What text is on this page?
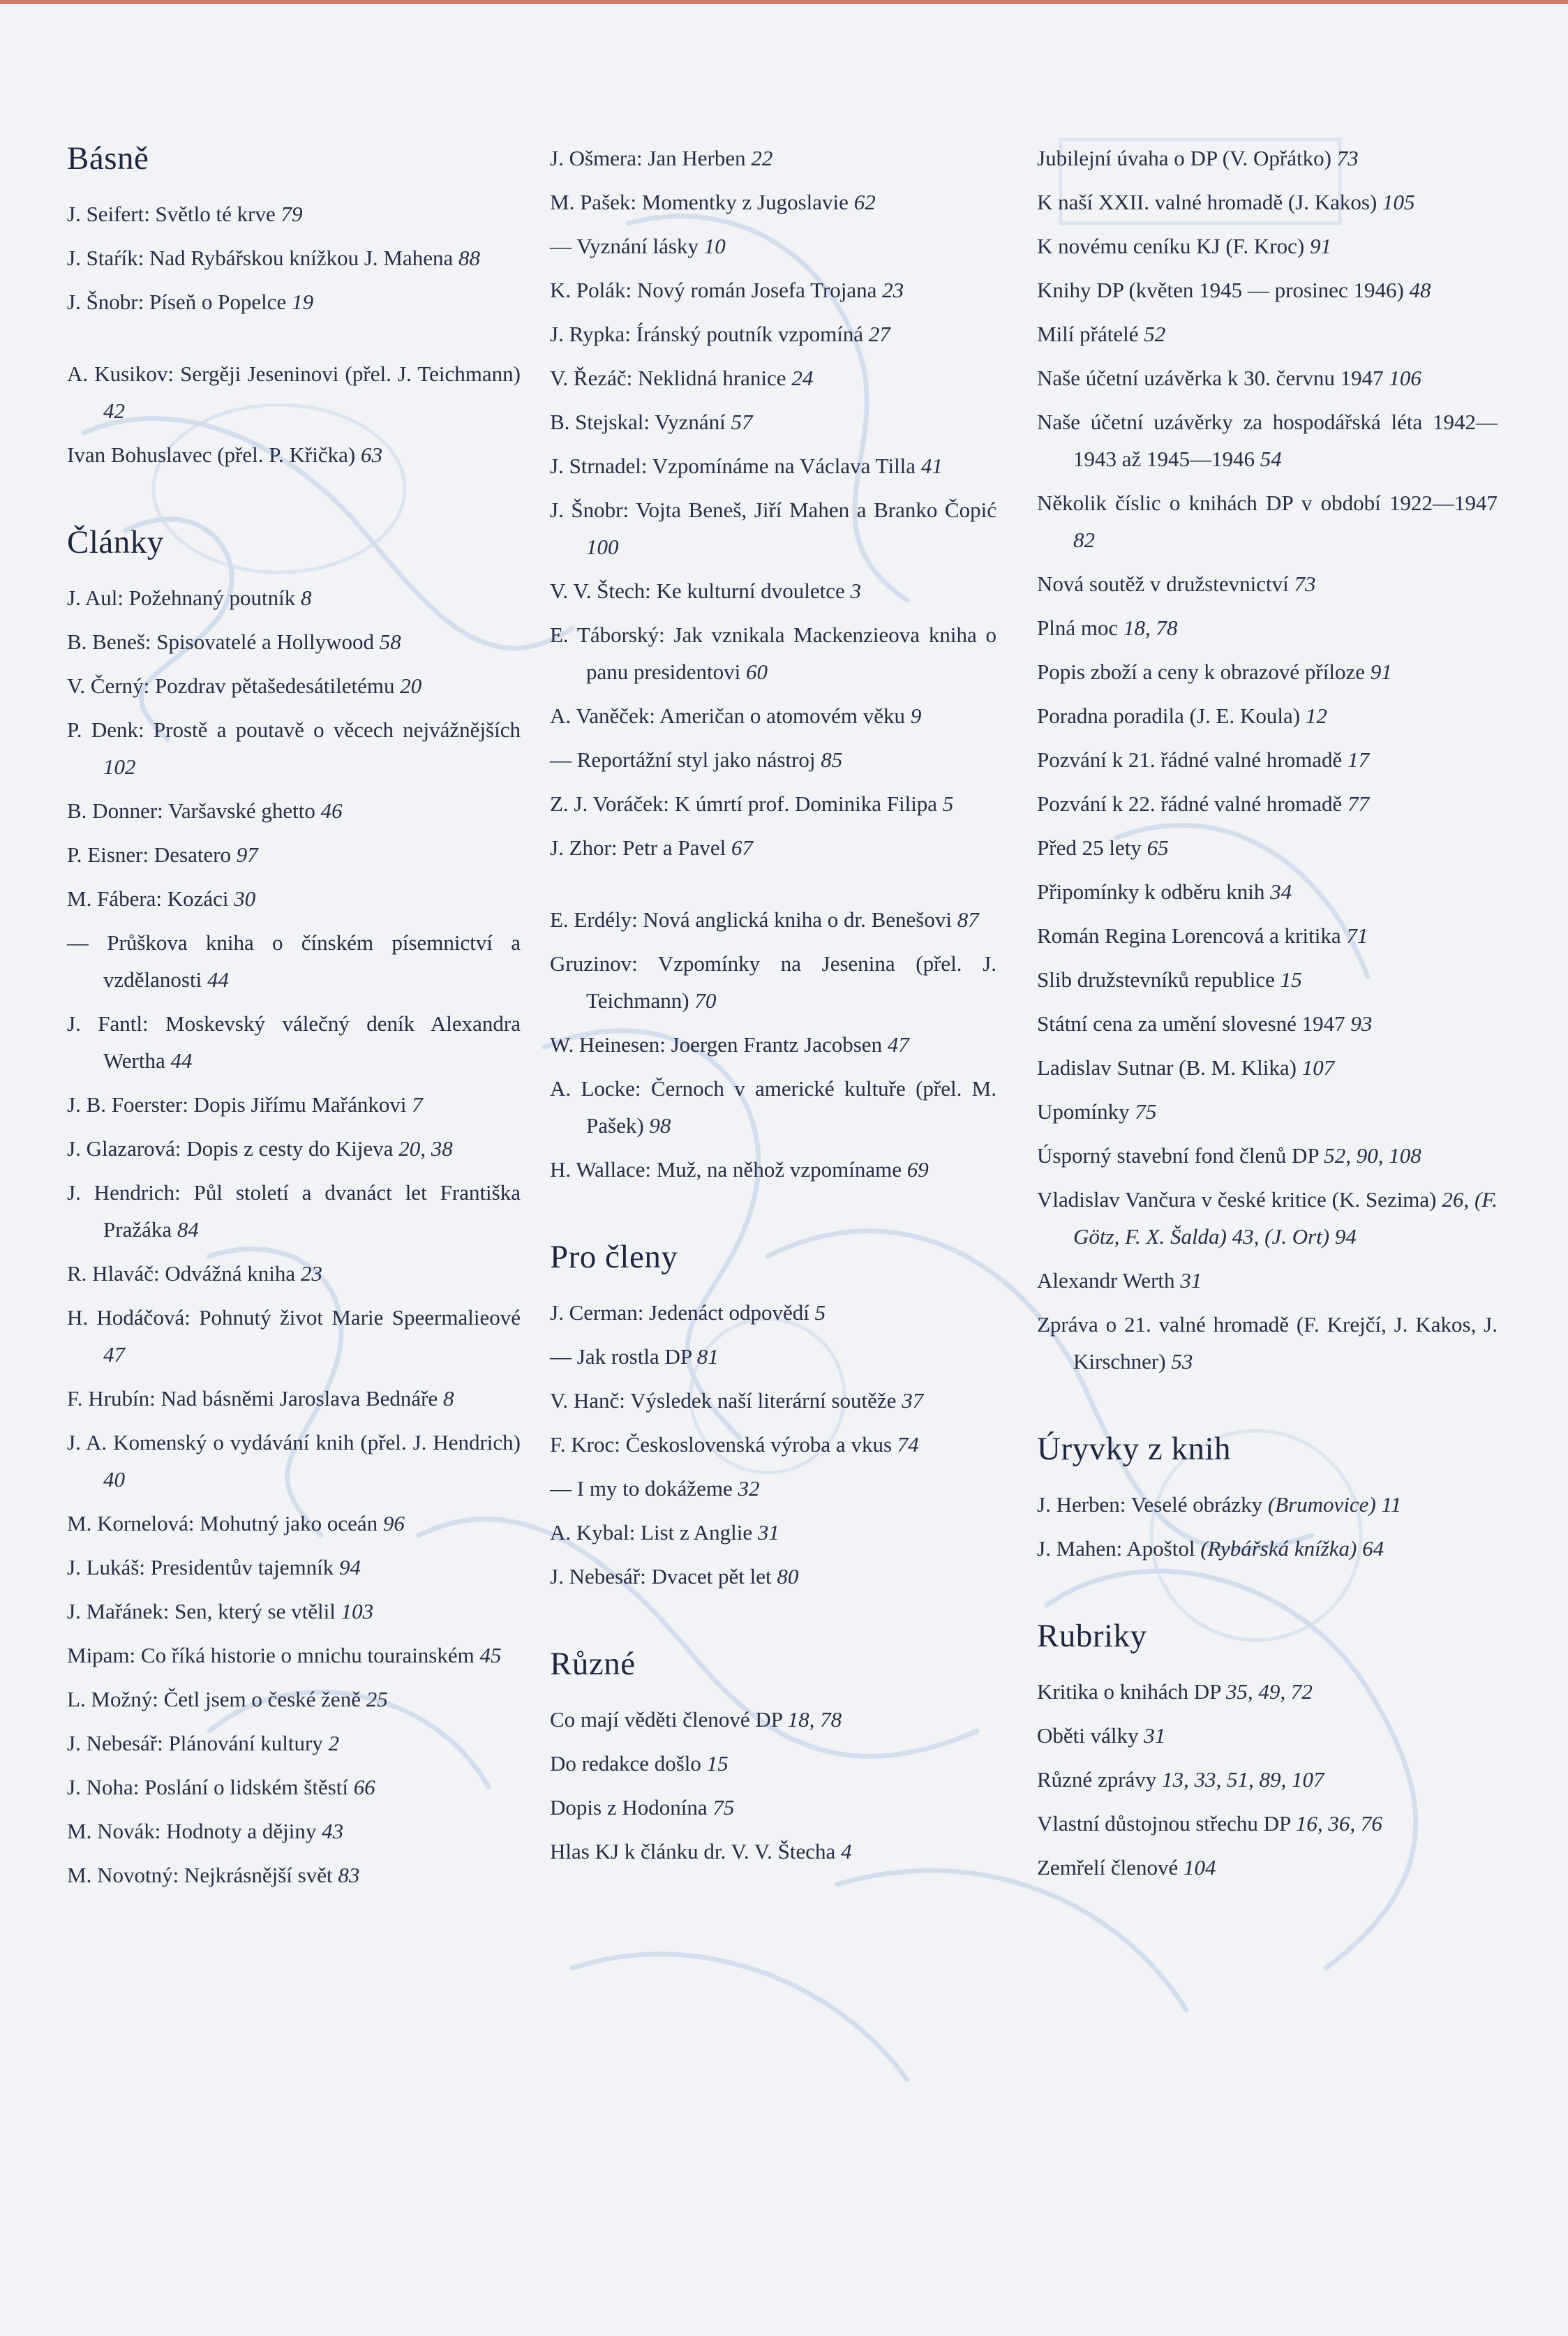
Básně
J. Seifert: Světlo té krve 79
J. Staŕík: Nad Rybářskou knížkou J. Mahena 88
J. Šnobr: Píseň o Popelce 19
A. Kusikov: Sergěji Jeseninovi (přel. J. Teichmann) 42
Ivan Bohuslavec (přel. P. Křička) 63
Články
J. Aul: Požehnaný poutník 8
B. Beneš: Spisovatelé a Hollywood 58
V. Černý: Pozdrav pětašedesátiletému 20
P. Denk: Prostě a poutavě o věcech nejvážnějších 102
B. Donner: Varšavské ghetto 46
P. Eisner: Desatero 97
M. Fábera: Kozáci 30
— Průškova kniha o čínském písemnictví a vzdělanosti 44
J. Fantl: Moskevský válečný deník Alexandra Wertha 44
J. B. Foerster: Dopis Jiřímu Mařánkovi 7
J. Glazarová: Dopis z cesty do Kijeva 20, 38
J. Hendrich: Půl století a dvanáct let Františka Pražáka 84
R. Hlaváč: Odvážná kniha 23
H. Hodáčová: Pohnutý život Marie Speermalieové 47
F. Hrubín: Nad básněmi Jaroslava Bednáře 8
J. A. Komenský o vydávání knih (přel. J. Hendrich) 40
M. Kornelová: Mohutný jako oceán 96
J. Lukáš: Presidentův tajemník 94
J. Mařánek: Sen, který se vtělil 103
Mipam: Co říká historie o mnichu tourainském 45
L. Možný: Četl jsem o české ženě 25
J. Nebesář: Plánování kultury 2
J. Noha: Poslání o lidském štěstí 66
M. Novák: Hodnoty a dějiny 43
M. Novotný: Nejkrásnější svět 83
J. Ošmera: Jan Herben 22
M. Pašek: Momentky z Jugoslavie 62
— Vyznání lásky 10
K. Polák: Nový román Josefa Trojana 23
J. Rypka: Íránský poutník vzpomíná 27
V. Řezáč: Neklidná hranice 24
B. Stejskal: Vyznání 57
J. Strnadel: Vzpomínáme na Václava Tilla 41
J. Šnobr: Vojta Beneš, Jiří Mahen a Branko Čopić 100
V. V. Štech: Ke kulturní dvouletce 3
E. Táborský: Jak vznikala Mackenzieova kniha o panu presidentovi 60
A. Vaněček: Američan o atomovém věku 9
— Reportážní styl jako nástroj 85
Z. J. Voráček: K úmrtí prof. Dominika Filipa 5
J. Zhor: Petr a Pavel 67
E. Erdély: Nová anglická kniha o dr. Benešovi 87
Gruzinov: Vzpomínky na Jesenina (přel. J. Teichmann) 70
W. Heinesen: Joergen Frantz Jacobsen 47
A. Locke: Černoch v americké kultuře (přel. M. Pašek) 98
H. Wallace: Muž, na něhož vzpomíname 69
Pro členy
J. Cerman: Jedenáct odpovědí 5
— Jak rostla DP 81
V. Hanč: Výsledek naší literární soutěže 37
F. Kroc: Československá výroba a vkus 74
— I my to dokážeme 32
A. Kybal: List z Anglie 31
J. Nebesář: Dvacet pět let 80
Různé
Co mají věděti členové DP 18, 78
Do redakce došlo 15
Dopis z Hodonína 75
Hlas KJ k článku dr. V. V. Štecha 4
Jubilejní úvaha o DP (V. Opřátko) 73
K naší XXII. valné hromadě (J. Kakos) 105
K novému ceníku KJ (F. Kroc) 91
Knihy DP (květen 1945 — prosinec 1946) 48
Milí přátelé 52
Naše účetní uzávěrka k 30. červnu 1947 106
Naše účetní uzávěrky za hospodářská léta 1942—1943 až 1945—1946 54
Několik číslic o knihách DP v období 1922—1947 82
Nová soutěž v družstevnictví 73
Plná moc 18, 78
Popis zboží a ceny k obrazové příloze 91
Poradna poradila (J. E. Koula) 12
Pozvání k 21. řádné valné hromadě 17
Pozvání k 22. řádné valné hromadě 77
Před 25 lety 65
Připomínky k odběru knih 34
Román Regina Lorencová a kritika 71
Slib družstevníků republice 15
Státní cena za umění slovesné 1947 93
Ladislav Sutnar (B. M. Klika) 107
Upomínky 75
Úsporný stavební fond členů DP 52, 90, 108
Vladislav Vančura v české kritice (K. Sezima) 26, (F. Götz, F. X. Šalda) 43, (J. Ort) 94
Alexandr Werth 31
Zpráva o 21. valné hromadě (F. Krejčí, J. Kakos, J. Kirschner) 53
Úryvky z knih
J. Herben: Veselé obrázky (Brumovice) 11
J. Mahen: Apoštol (Rybářská knížka) 64
Rubriky
Kritika o knihách DP 35, 49, 72
Oběti války 31
Různé zprávy 13, 33, 51, 89, 107
Vlastní důstojnou střechu DP 16, 36, 76
Zemřelí členové 104
